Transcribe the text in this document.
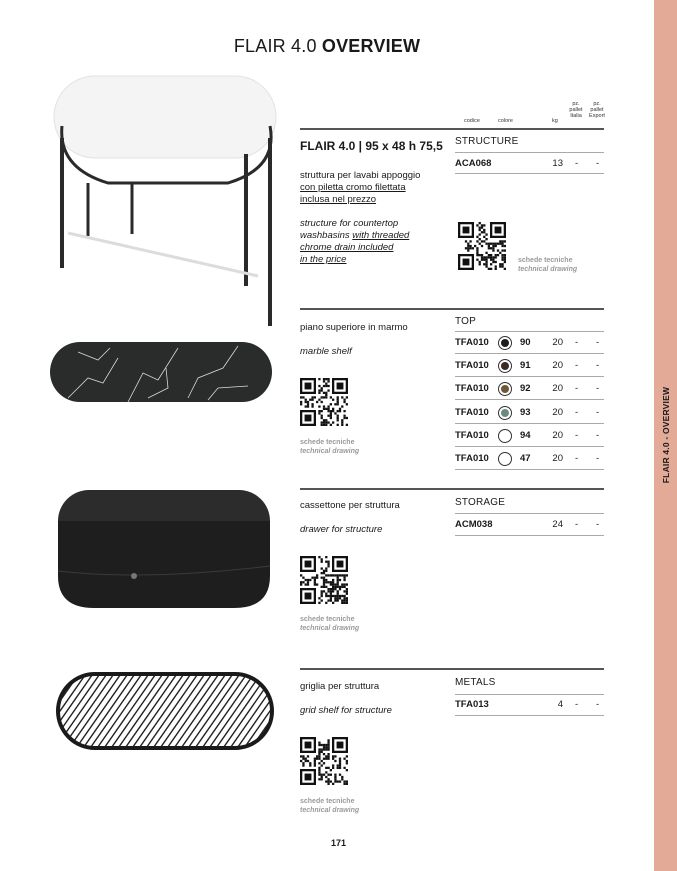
FLAIR 4.0 - OVERVIEW
FLAIR 4.0 OVERVIEW
codice	colore	kg
pz.
pallet
Italia
pz.
pallet
Export
FLAIR 4.0 | 95 x 48 h 75,5
struttura per lavabi appoggio
con piletta cromo filettata
inclusa nel prezzo
structure for countertop
washbasins with threaded
chrome drain included
in the price
STRUCTURE
ACA068	13 - -
schede tecniche
technical drawing
piano superiore in marmo
marble shelf
schede tecniche
technical drawing
TOP
TFA010	90	20 - -
TFA010	91	20 - -
TFA010	92	20 - -
TFA010	93	20 - -
TFA010	94	20 - -
TFA010	47	20 - -
cassettone per struttura
drawer for structure
schede tecniche
technical drawing
STORAGE
ACM038	24 - -
griglia per struttura
grid shelf for structure
schede tecniche
technical drawing
METALS
TFA013	4 - -
171
